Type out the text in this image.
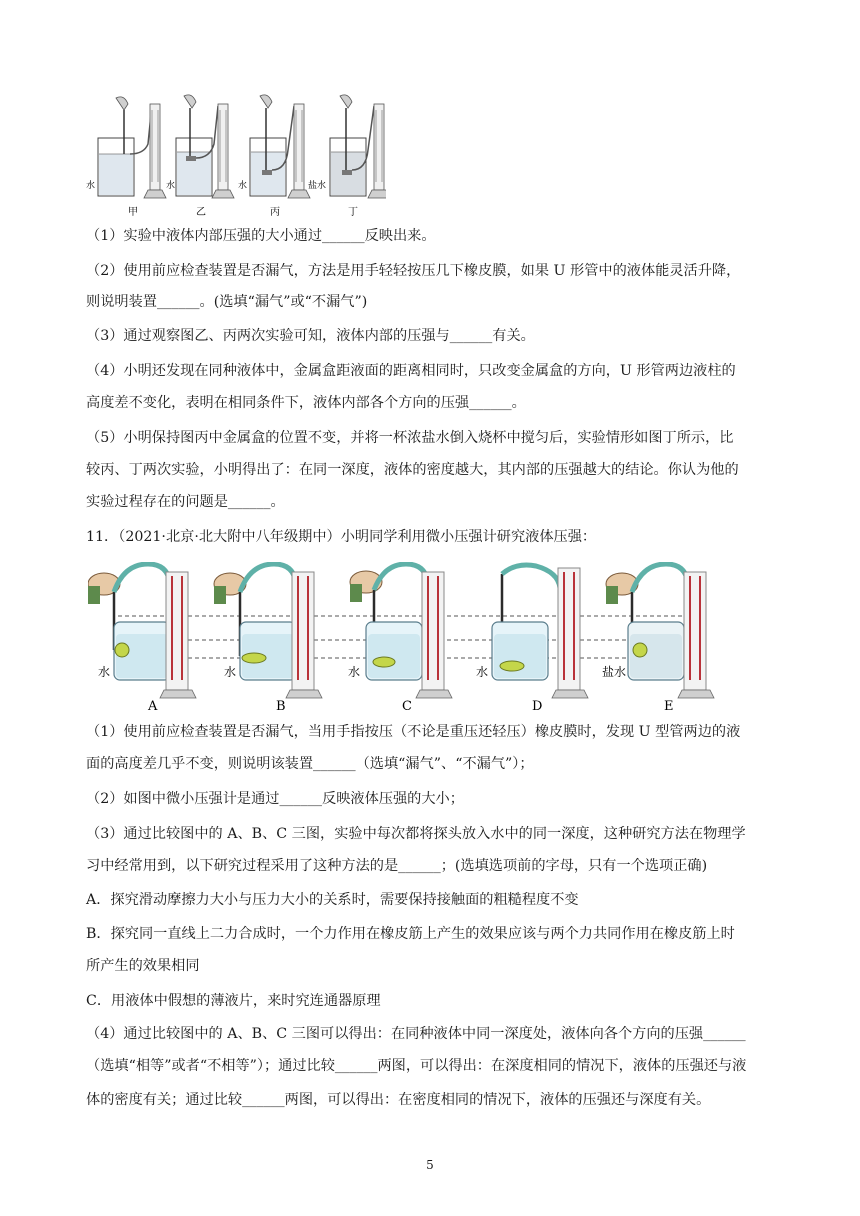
水
甲
水
乙
水
丙
盐水
丁
（1）实验中液体内部压强的大小通过______反映出来。
（2）使用前应检查装置是否漏气，方法是用手轻轻按压几下橡皮膜，如果 U 形管中的液体能灵活升降，
则说明装置______。(选填“漏气”或“不漏气”)
（3）通过观察图乙、丙两次实验可知，液体内部的压强与______有关。
（4）小明还发现在同种液体中，金属盒距液面的距离相同时，只改变金属盒的方向，U 形管两边液柱的
高度差不变化，表明在相同条件下，液体内部各个方向的压强______。
（5）小明保持图丙中金属盒的位置不变，并将一杯浓盐水倒入烧杯中搅匀后，实验情形如图丁所示，比
较丙、丁两次实验，小明得出了：在同一深度，液体的密度越大，其内部的压强越大的结论。你认为他的
实验过程存在的问题是______。
11．（2021·北京·北大附中八年级期中）小明同学利用微小压强计研究液体压强：
水
A
水
B
水
C
水
D
盐水
E
（1）使用前应检查装置是否漏气，当用手指按压（不论是重压还轻压）橡皮膜时，发现 U 型管两边的液
面的高度差几乎不变，则说明该装置______（选填“漏气”、“不漏气”）；
（2）如图中微小压强计是通过______反映液体压强的大小；
（3）通过比较图中的 A、B、C 三图，实验中每次都将探头放入水中的同一深度，这种研究方法在物理学
习中经常用到，以下研究过程采用了这种方法的是______；(选填选项前的字母，只有一个选项正确)
A．探究滑动摩擦力大小与压力大小的关系时，需要保持接触面的粗糙程度不变
B．探究同一直线上二力合成时，一个力作用在橡皮筋上产生的效果应该与两个力共同作用在橡皮筋上时
所产生的效果相同
C．用液体中假想的薄液片，来时究连通器原理
（4）通过比较图中的 A、B、C 三图可以得出：在同种液体中同一深度处，液体向各个方向的压强______
（选填“相等”或者“不相等”）；通过比较______两图，可以得出：在深度相同的情况下，液体的压强还与液
体的密度有关；通过比较______两图，可以得出：在密度相同的情况下，液体的压强还与深度有关。
5
